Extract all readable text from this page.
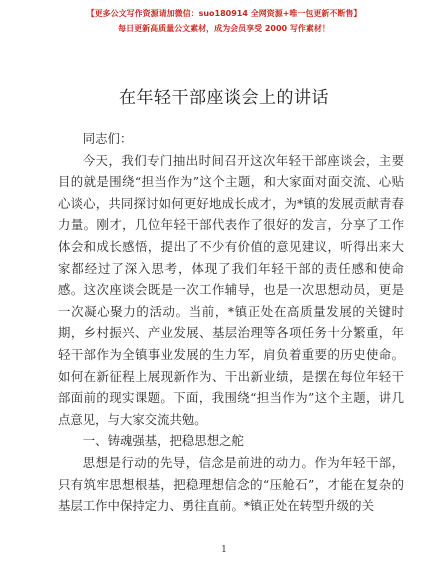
【更多公文写作资源请加微信：suo180914 全网资源+唯一包更新不断售】
每日更新高质量公文素材，成为会员享受 2000 写作素材！
在年轻干部座谈会上的讲话

同志们：

今天，我们专门抽出时间召开这次年轻干部座谈会，主要目的就是围绕“担当作为”这个主题，和大家面对面交流、心贴心谈心，共同探讨如何更好地成长成才，为*镇的发展贡献青春力量。刚才，几位年轻干部代表作了很好的发言，分享了工作体会和成长感悟，提出了不少有价值的意见建议，听得出来大家都经过了深入思考，体现了我们年轻干部的责任感和使命感。这次座谈会既是一次工作辅导，也是一次思想动员，更是一次凝心聚力的活动。当前，*镇正处在高质量发展的关键时期，乡村振兴、产业发展、基层治理等各项任务十分繁重，年轻干部作为全镇事业发展的生力军，肩负着重要的历史使命。如何在新征程上展现新作为、干出新业绩，是摆在每位年轻干部面前的现实课题。下面，我围绕“担当作为”这个主题，讲几点意见，与大家交流共勉。

一、铸魂强基，把稳思想之舵

思想是行动的先导，信念是前进的动力。作为年轻干部，只有筑牢思想根基，把稳理想信念的“压舱石”，才能在复杂的基层工作中保持定力、勇往直前。*镇正处在转型升级的关

1
